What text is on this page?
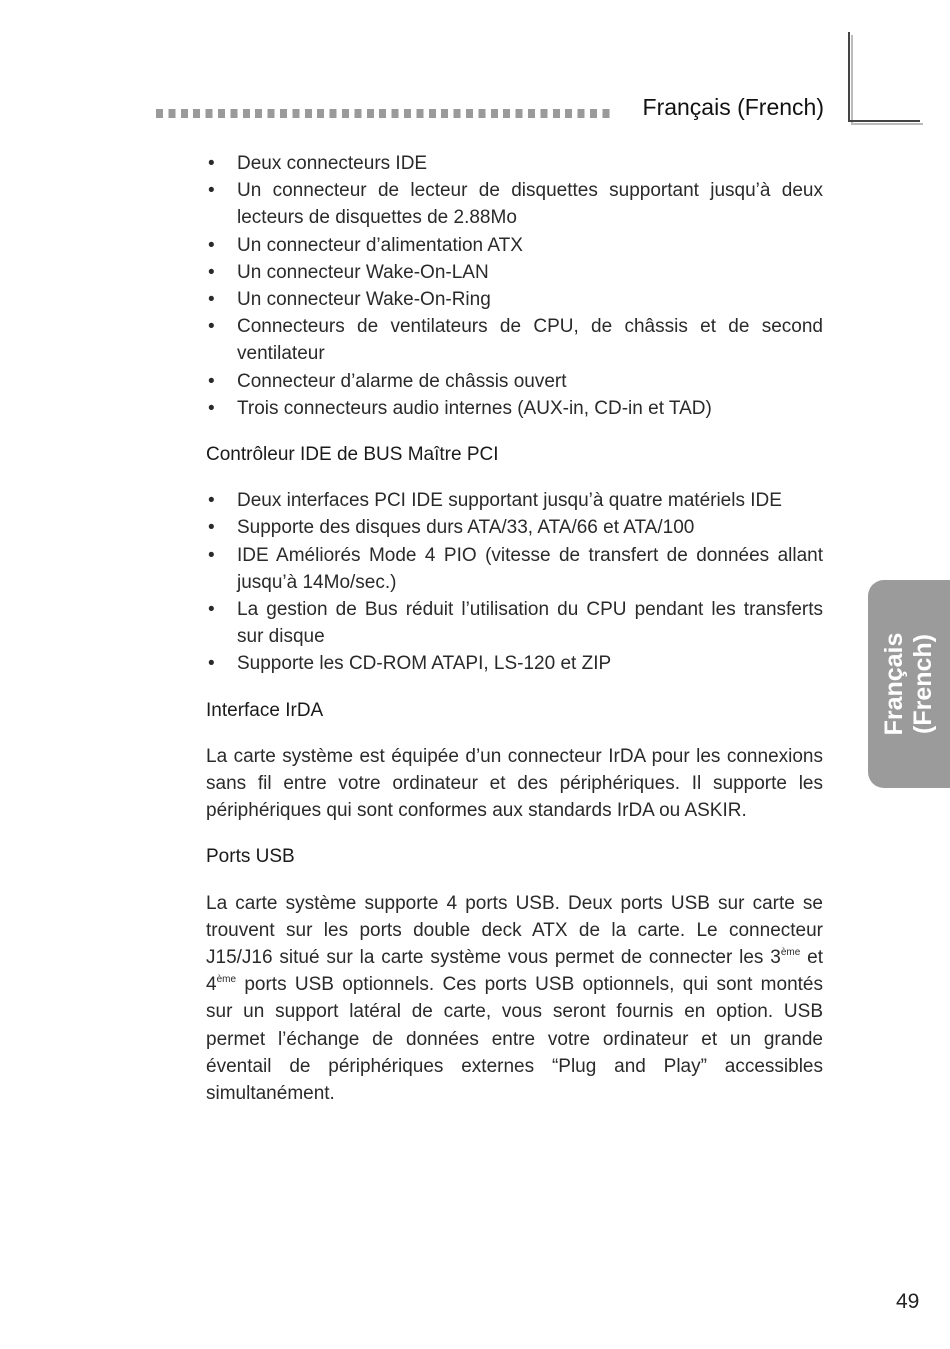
Français (French)
• Deux connecteurs IDE
• Un connecteur de lecteur de disquettes supportant jusqu’à deux lecteurs de disquettes de 2.88Mo
• Un connecteur d’alimentation ATX
• Un connecteur Wake-On-LAN
• Un connecteur Wake-On-Ring
• Connecteurs de ventilateurs de CPU, de châssis et de second ventilateur
• Connecteur d’alarme de châssis ouvert
• Trois connecteurs audio internes (AUX-in, CD-in et TAD)
Contrôleur IDE de BUS Maître PCI
• Deux interfaces PCI IDE supportant jusqu’à quatre matériels IDE
• Supporte des disques durs ATA/33, ATA/66 et ATA/100
• IDE Améliorés Mode 4 PIO (vitesse de transfert de données allant jusqu’à 14Mo/sec.)
• La gestion de Bus réduit l’utilisation du CPU pendant les transferts sur disque
• Supporte les CD-ROM ATAPI, LS-120 et ZIP
Interface IrDA

La carte système est équipée d’un connecteur IrDA pour les connexions sans fil entre votre ordinateur et des périphériques. Il supporte les périphériques qui sont conformes aux standards IrDA ou ASKIR.

Ports USB

La carte système supporte 4 ports USB. Deux ports USB sur carte se trouvent sur les ports double deck ATX de la carte. Le connecteur J15/J16 situé sur la carte système vous permet de connecter les 3ème et 4ème ports USB optionnels. Ces ports USB optionnels, qui sont montés sur un support latéral de carte, vous seront fournis en option. USB permet l’échange de données entre votre ordinateur et un grande éventail de périphériques externes “Plug and Play” accessibles simultanément.

Français (French)
49
